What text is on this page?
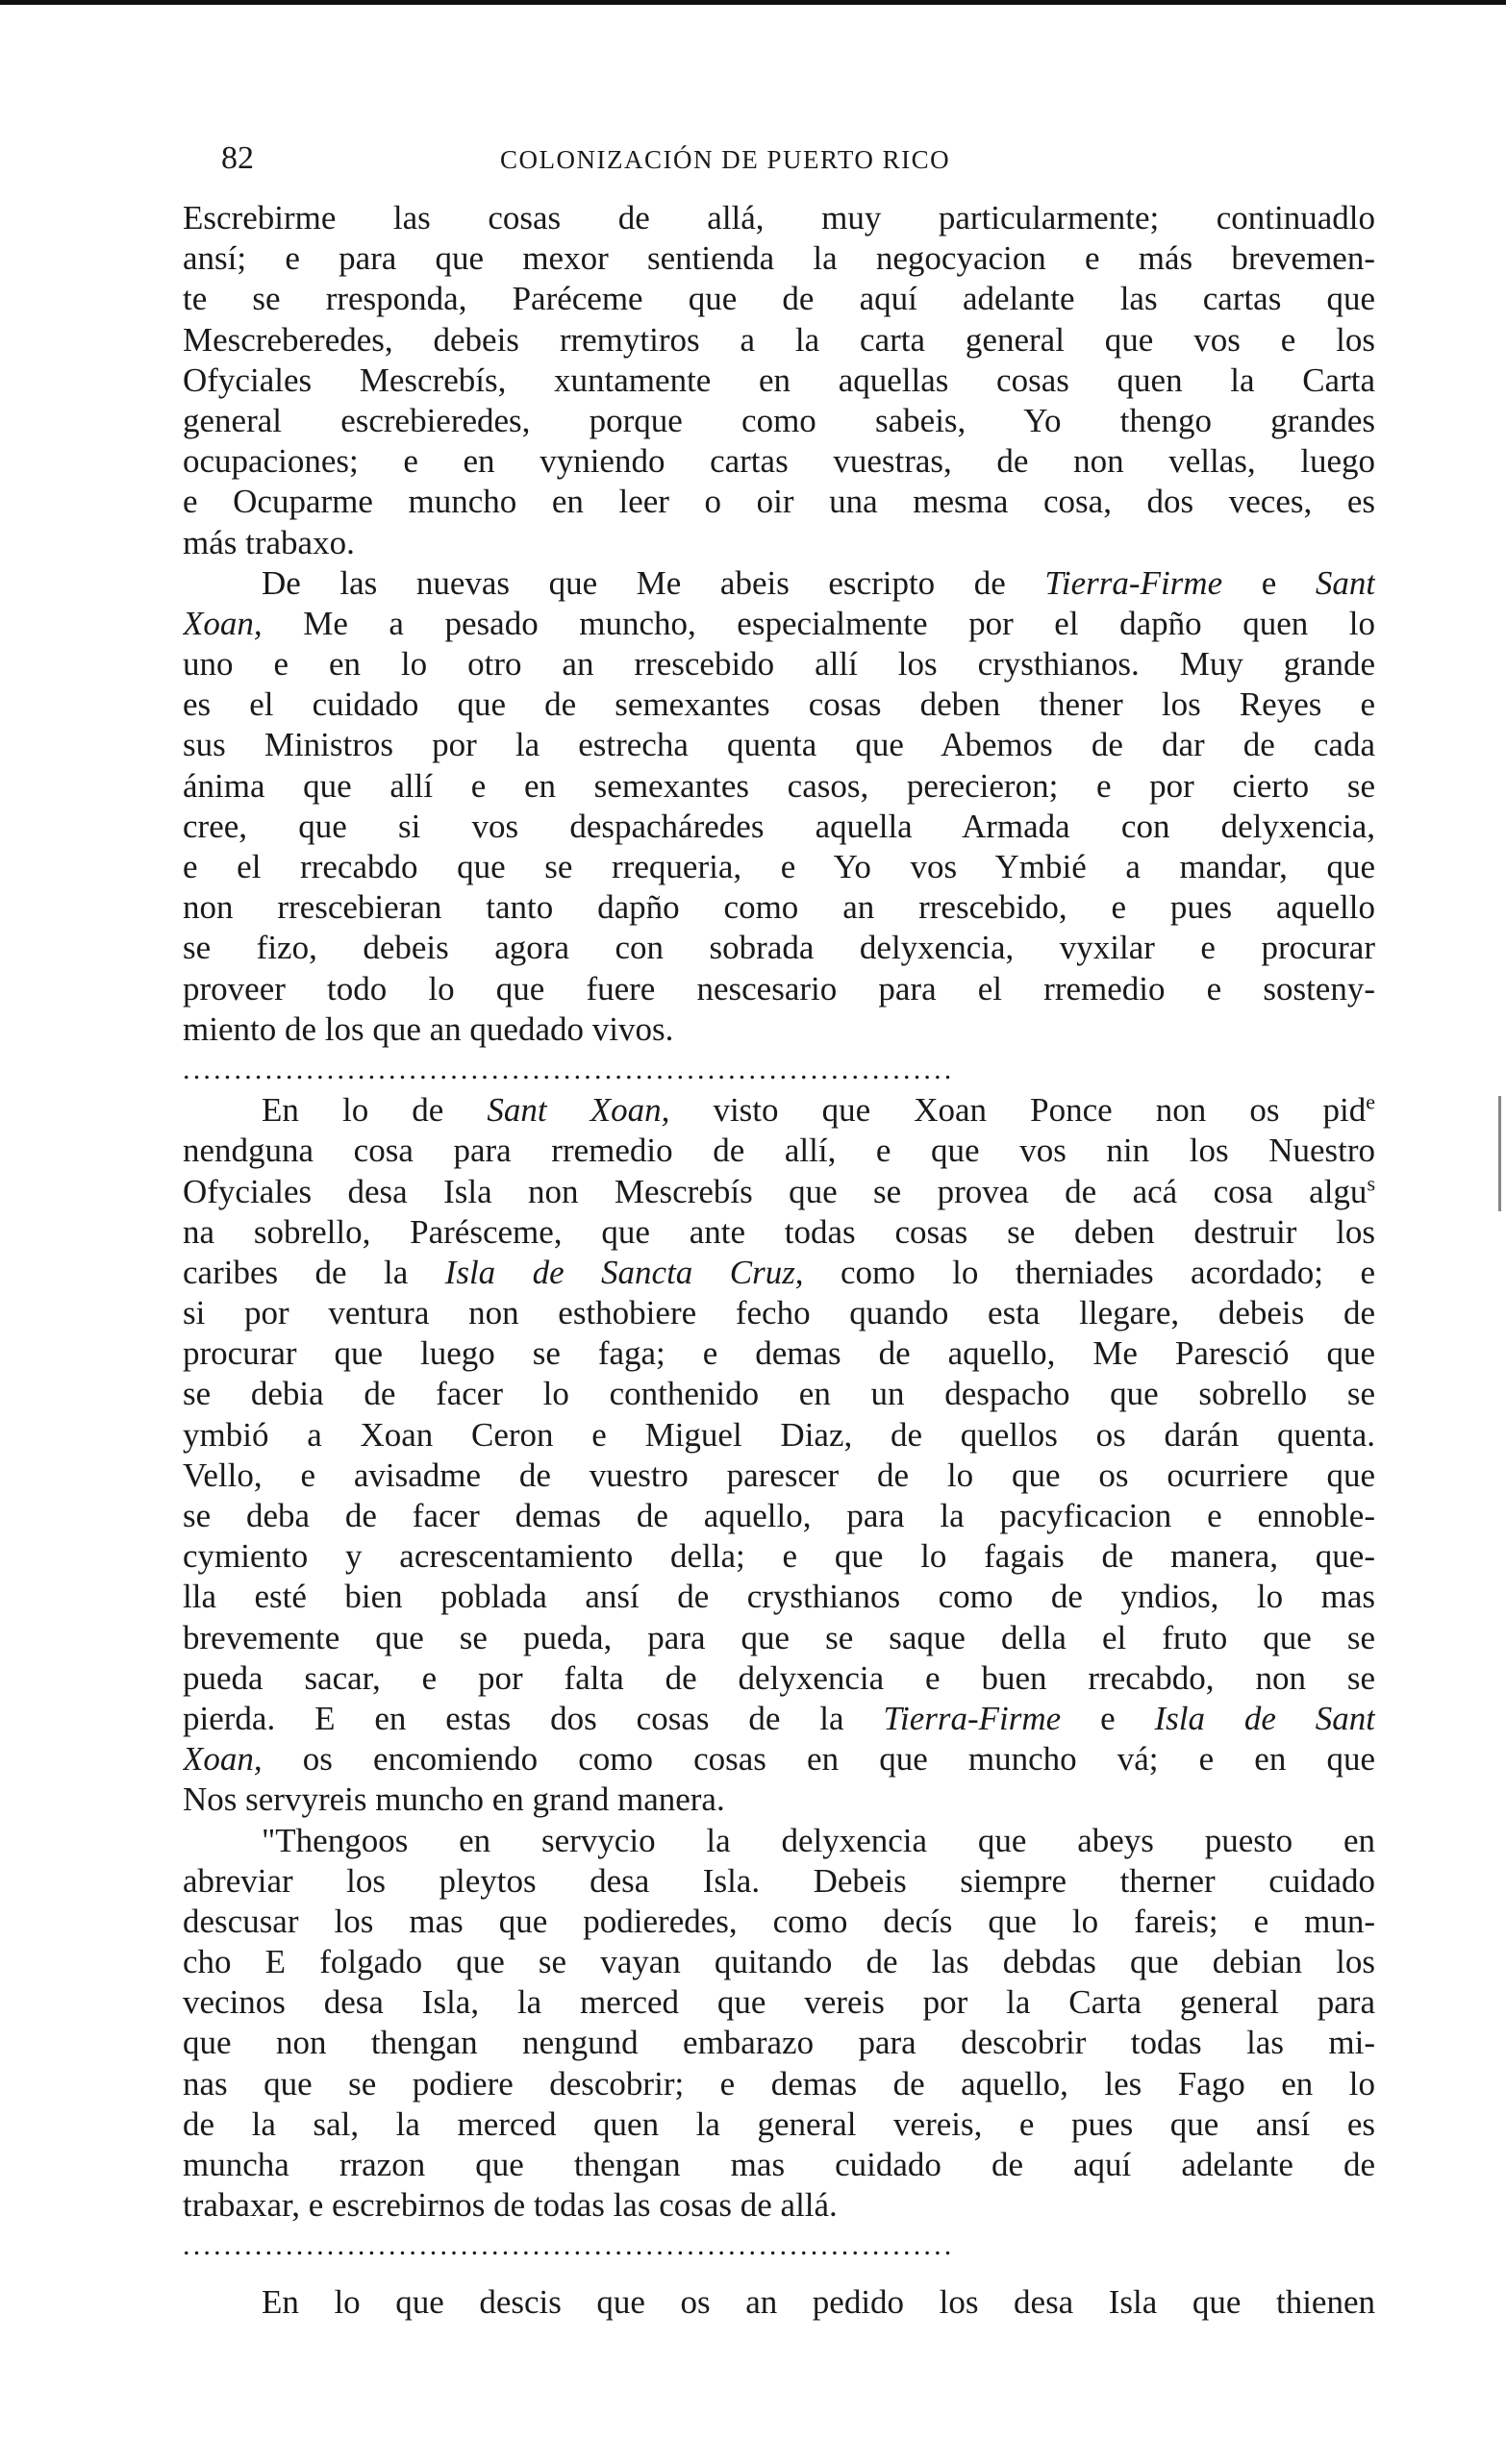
82	COLONIZACIÓN DE PUERTO RICO
Escrebirme las cosas de allá, muy particularmente; continuadlo
ansí; e para que mexor sentienda la negocyacion e más brevemen-
te se rresponda, Paréceme que de aquí adelante las cartas que
Mescreberedes, debeis rremytiros a la carta general que vos e los
Ofyciales Mescrebís, xuntamente en aquellas cosas quen la Carta
general escrebieredes, porque como sabeis, Yo thengo grandes
ocupaciones; e en vyniendo cartas vuestras, de non vellas, luego
e Ocuparme muncho en leer o oir una mesma cosa, dos veces, es
más trabaxo.
De las nuevas que Me abeis escripto de Tierra-Firme e Sant
Xoan, Me a pesado muncho, especialmente por el dapño quen lo
uno e en lo otro an rrescebido allí los crysthianos. Muy grande
es el cuidado que de semexantes cosas deben thener los Reyes e
sus Ministros por la estrecha quenta que Abemos de dar de cada
ánima que allí e en semexantes casos, perecieron; e por cierto se
cree, que si vos despacháredes aquella Armada con delyxencia,
e el rrecabdo que se rrequeria, e Yo vos Ymbié a mandar, que
non rrescebieran tanto dapño como an rrescebido, e pues aquello
se fizo, debeis agora con sobrada delyxencia, vyxilar e procurar
proveer todo lo que fuere nescesario para el rremedio e sosteny-
miento de los que an quedado vivos.
...........................................................................
En lo de Sant Xoan, visto que Xoan Ponce non os pid$^e$
nendguna cosa para rremedio de allí, e que vos nin los Nuestro
Ofyciales desa Isla non Mescrebís que se provea de acá cosa algu$^s$
na sobrello, Parésceme, que ante todas cosas se deben destruir los
caribes de la Isla de Sancta Cruz, como lo therniades acordado; e
si por ventura non esthobiere fecho quando esta llegare, debeis de
procurar que luego se faga; e demas de aquello, Me Paresció que
se debia de facer lo conthenido en un despacho que sobrello se
ymbió a Xoan Ceron e Miguel Diaz, de quellos os darán quenta.
Vello, e avisadme de vuestro parescer de lo que os ocurriere que
se deba de facer demas de aquello, para la pacyficacion e ennoble-
cymiento y acrescentamiento della; e que lo fagais de manera, que-
lla esté bien poblada ansí de crysthianos como de yndios, lo mas
brevemente que se pueda, para que se saque della el fruto que se
pueda sacar, e por falta de delyxencia e buen rrecabdo, non se
pierda. E en estas dos cosas de la Tierra-Firme e Isla de Sant
Xoan, os encomiendo como cosas en que muncho vá; e en que
Nos servyreis muncho en grand manera.
"Thengoos en servycio la delyxencia que abeys puesto en
abreviar los pleytos desa Isla. Debeis siempre therner cuidado
descusar los mas que podieredes, como decís que lo fareis; e mun-
cho E folgado que se vayan quitando de las debdas que debian los
vecinos desa Isla, la merced que vereis por la Carta general para
que non thengan nengund embarazo para descobrir todas las mi-
nas que se podiere descobrir; e demas de aquello, les Fago en lo
de la sal, la merced quen la general vereis, e pues que ansí es
muncha rrazon que thengan mas cuidado de aquí adelante de
trabaxar, e escrebirnos de todas las cosas de allá.
...........................................................................
En lo que descis que os an pedido los desa Isla que thienen
